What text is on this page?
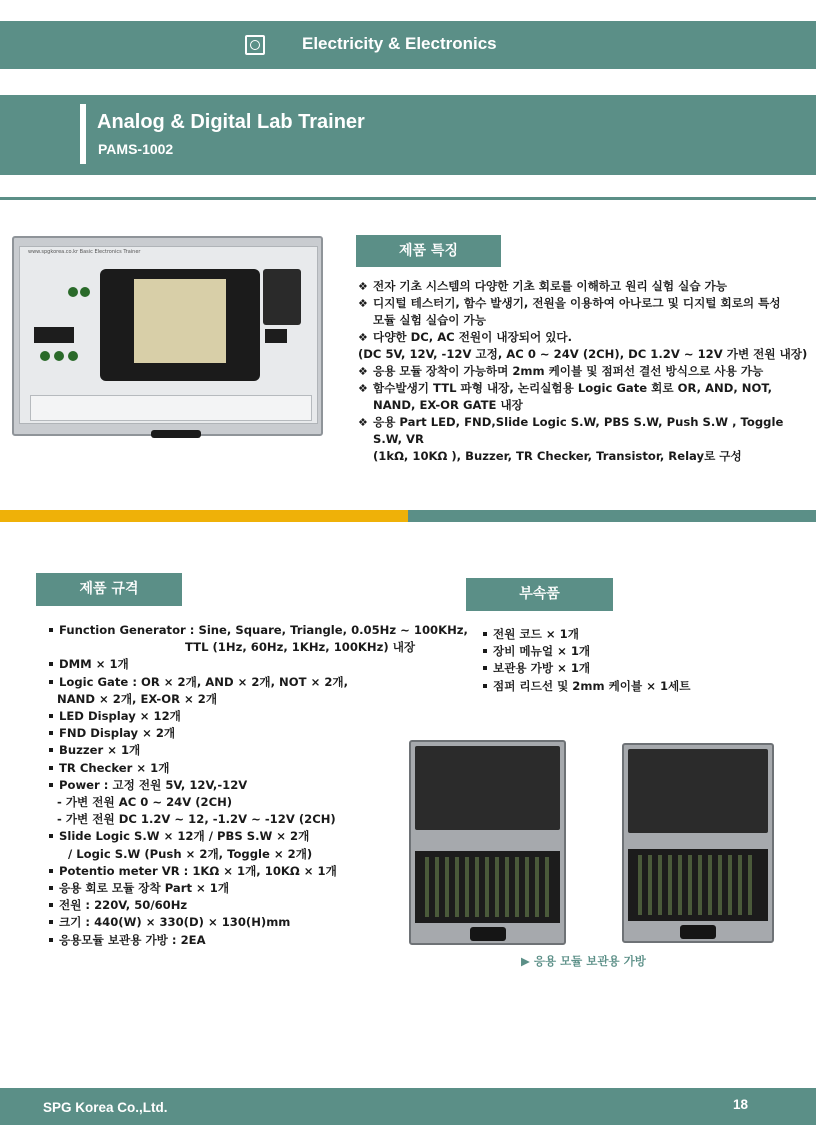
Electricity & Electronics
Analog & Digital Lab Trainer
PAMS-1002
www.spgkorea.co.kr Basic Electronics Trainer	제품 특징
❖ 전자 기초 시스템의 다양한 기초 회로를 이해하고 원리 실험 실습 가능
❖ 디지털 테스터기, 함수 발생기, 전원을 이용하여 아나로그 및 디지털 회로의 특성
모듈 실험 실습이 가능
❖ 다양한 DC, AC 전원이 내장되어 있다.
(DC 5V, 12V, -12V 고정, AC 0 ~ 24V (2CH), DC 1.2V ~ 12V 가변 전원 내장)
❖ 응용 모듈 장착이 가능하며 2mm 케이블 및 점퍼선 결선 방식으로 사용 가능
❖ 함수발생기 TTL 파형 내장, 논리실험용 Logic Gate 회로 OR, AND, NOT,
NAND, EX-OR GATE 내장
❖ 응용 Part LED, FND,Slide Logic S.W, PBS S.W, Push S.W , Toggle S.W, VR
(1kΩ, 10KΩ ), Buzzer, TR Checker, Transistor, Relay로 구성
제품 규격
Function Generator : Sine, Square, Triangle, 0.05Hz ~ 100KHz,
TTL (1Hz, 60Hz, 1KHz, 100KHz) 내장
DMM × 1개
Logic Gate : OR × 2개, AND × 2개, NOT × 2개,
NAND × 2개, EX-OR × 2개
LED Display × 12개
FND Display × 2개
Buzzer × 1개
TR Checker × 1개
Power : 고정 전원 5V, 12V,-12V
- 가변 전원 AC 0 ~ 24V (2CH)
- 가변 전원 DC 1.2V ~ 12, -1.2V ~ -12V (2CH)
Slide Logic S.W × 12개 / PBS S.W × 2개
/ Logic S.W (Push × 2개, Toggle × 2개)
Potentio meter VR : 1KΩ × 1개, 10KΩ × 1개
응용 회로 모듈 장착 Part × 1개
전원 : 220V, 50/60Hz
크기 : 440(W) × 330(D) × 130(H)mm
응용모듈 보관용 가방 : 2EA
부속품
전원 코드 × 1개
장비 메뉴얼 × 1개
보관용 가방 × 1개
점퍼 리드선 및 2mm 케이블 × 1세트
▶ 응용 모듈 보관용 가방
SPG Korea Co.,Ltd.	18
